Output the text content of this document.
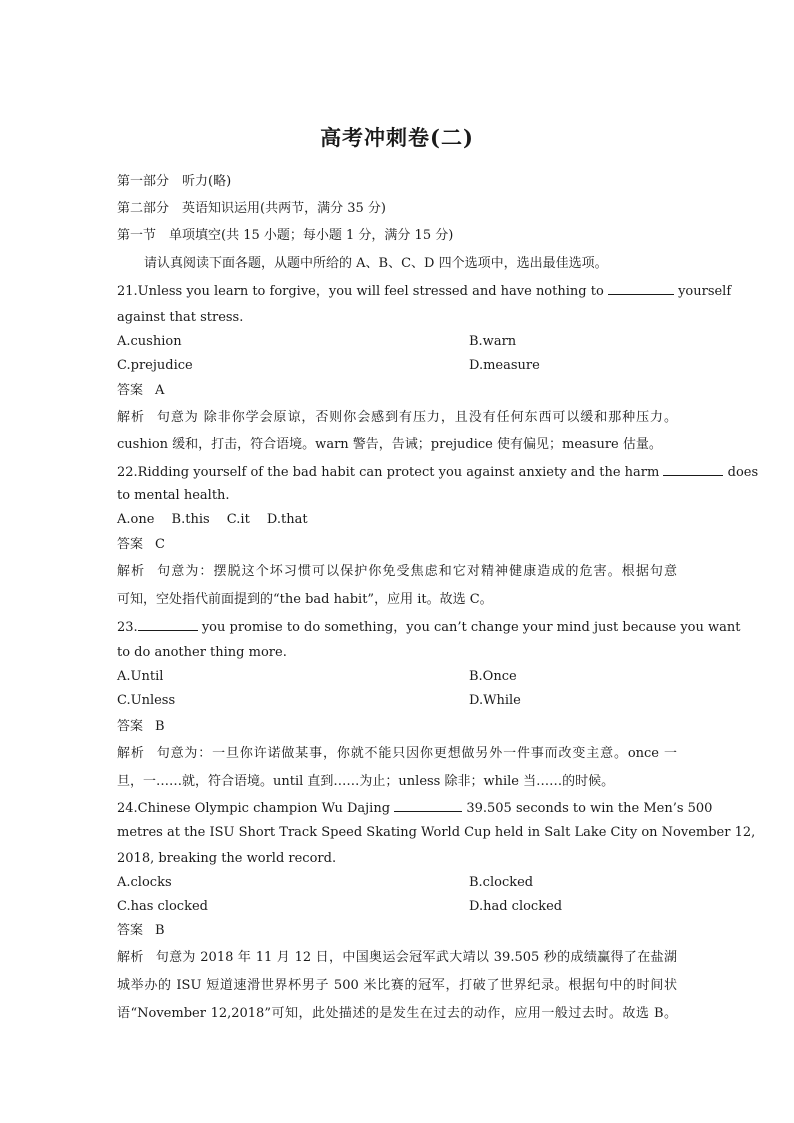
高考冲刺卷(二)
第一部分　听力(略)
第二部分　英语知识运用(共两节，满分 35 分)
第一节　单项填空(共 15 小题；每小题 1 分，满分 15 分)
请认真阅读下面各题，从题中所给的 A、B、C、D 四个选项中，选出最佳选项。
21.Unless you learn to forgive，you will feel stressed and have nothing to	yourself
against that stress.
A.cushion	B.warn
C.prejudice	D.measure
答案 A
解析 句意为 除非你学会原谅，否则你会感到有压力，且没有任何东西可以缓和那种压力。
cushion 缓和，打击，符合语境。warn 警告，告诫；prejudice 使有偏见；measure 估量。
22.Ridding yourself of the bad habit can protect you against anxiety and the harm	does
to mental health.
A.one　 B.this　 C.it　 D.that
答案 C
解析 句意为：摆脱这个坏习惯可以保护你免受焦虑和它对精神健康造成的危害。根据句意
可知，空处指代前面提到的“the bad habit”，应用 it。故选 C。
23.	you promise to do something，you can’t change your mind just because you want
to do another thing more.
A.Until	B.Once
C.Unless	D.While
答案 B
解析 句意为：一旦你许诺做某事，你就不能只因你更想做另外一件事而改变主意。once 一
旦，一……就，符合语境。until 直到……为止；unless 除非；while 当……的时候。
24.Chinese Olympic champion Wu Dajing	39.505 seconds to win the Men’s 500
metres at the ISU Short Track Speed Skating World Cup held in Salt Lake City on November 12,
2018, breaking the world record.
A.clocks	B.clocked
C.has clocked	D.had clocked
答案 B
解析 句意为 2018 年 11 月 12 日，中国奥运会冠军武大靖以 39.505 秒的成绩赢得了在盐湖
城举办的 ISU 短道速滑世界杯男子 500 米比赛的冠军，打破了世界纪录。根据句中的时间状
语“November 12,2018”可知，此处描述的是发生在过去的动作，应用一般过去时。故选 B。
